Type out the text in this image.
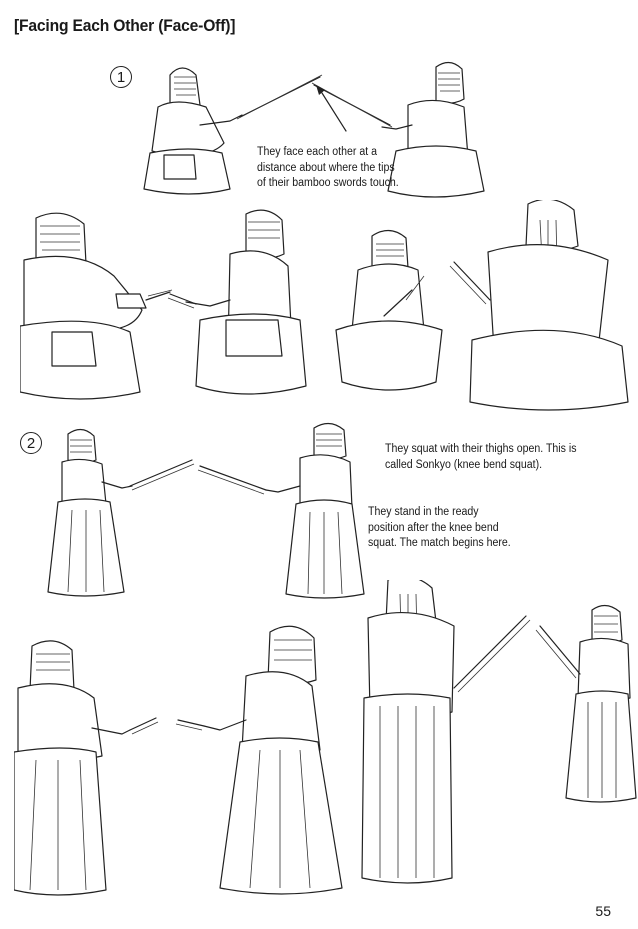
[Facing Each Other (Face-Off)]
1
2
They face each other at a
distance about where the tips
of their bamboo swords touch.
They squat with their thighs open. This is
called Sonkyo (knee bend squat).
They stand in the ready
position after the knee bend
squat. The match begins here.
55
